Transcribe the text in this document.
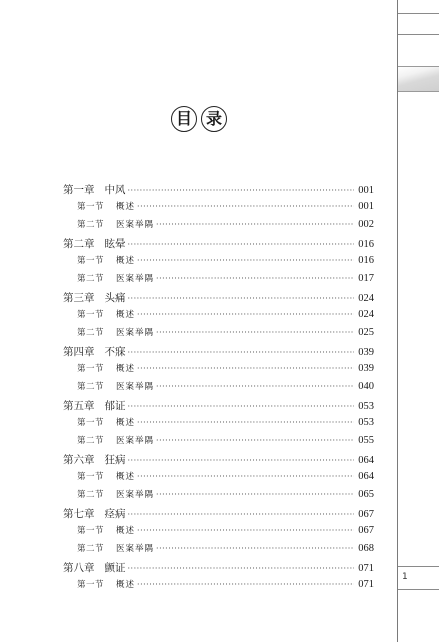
目 录
第一章 中风 ·····	001
第一节 概述 ·····	001
第二节 医案举隅 ·····	002
第二章 眩晕 ·····	016
第一节 概述 ·····	016
第二节 医案举隅 ·····	017
第三章 头痛 ·····	024
第一节 概述 ·····	024
第二节 医案举隅 ·····	025
第四章 不寐 ·····	039
第一节 概述 ·····	039
第二节 医案举隅 ·····	040
第五章 郁证 ·····	053
第一节 概述 ·····	053
第二节 医案举隅 ·····	055
第六章 狂病 ·····	064
第一节 概述 ·····	064
第二节 医案举隅 ·····	065
第七章 痉病 ·····	067
第一节 概述 ·····	067
第二节 医案举隅 ·····	068
第八章 颤证 ·····	071
第一节 概述 ·····	071
1
